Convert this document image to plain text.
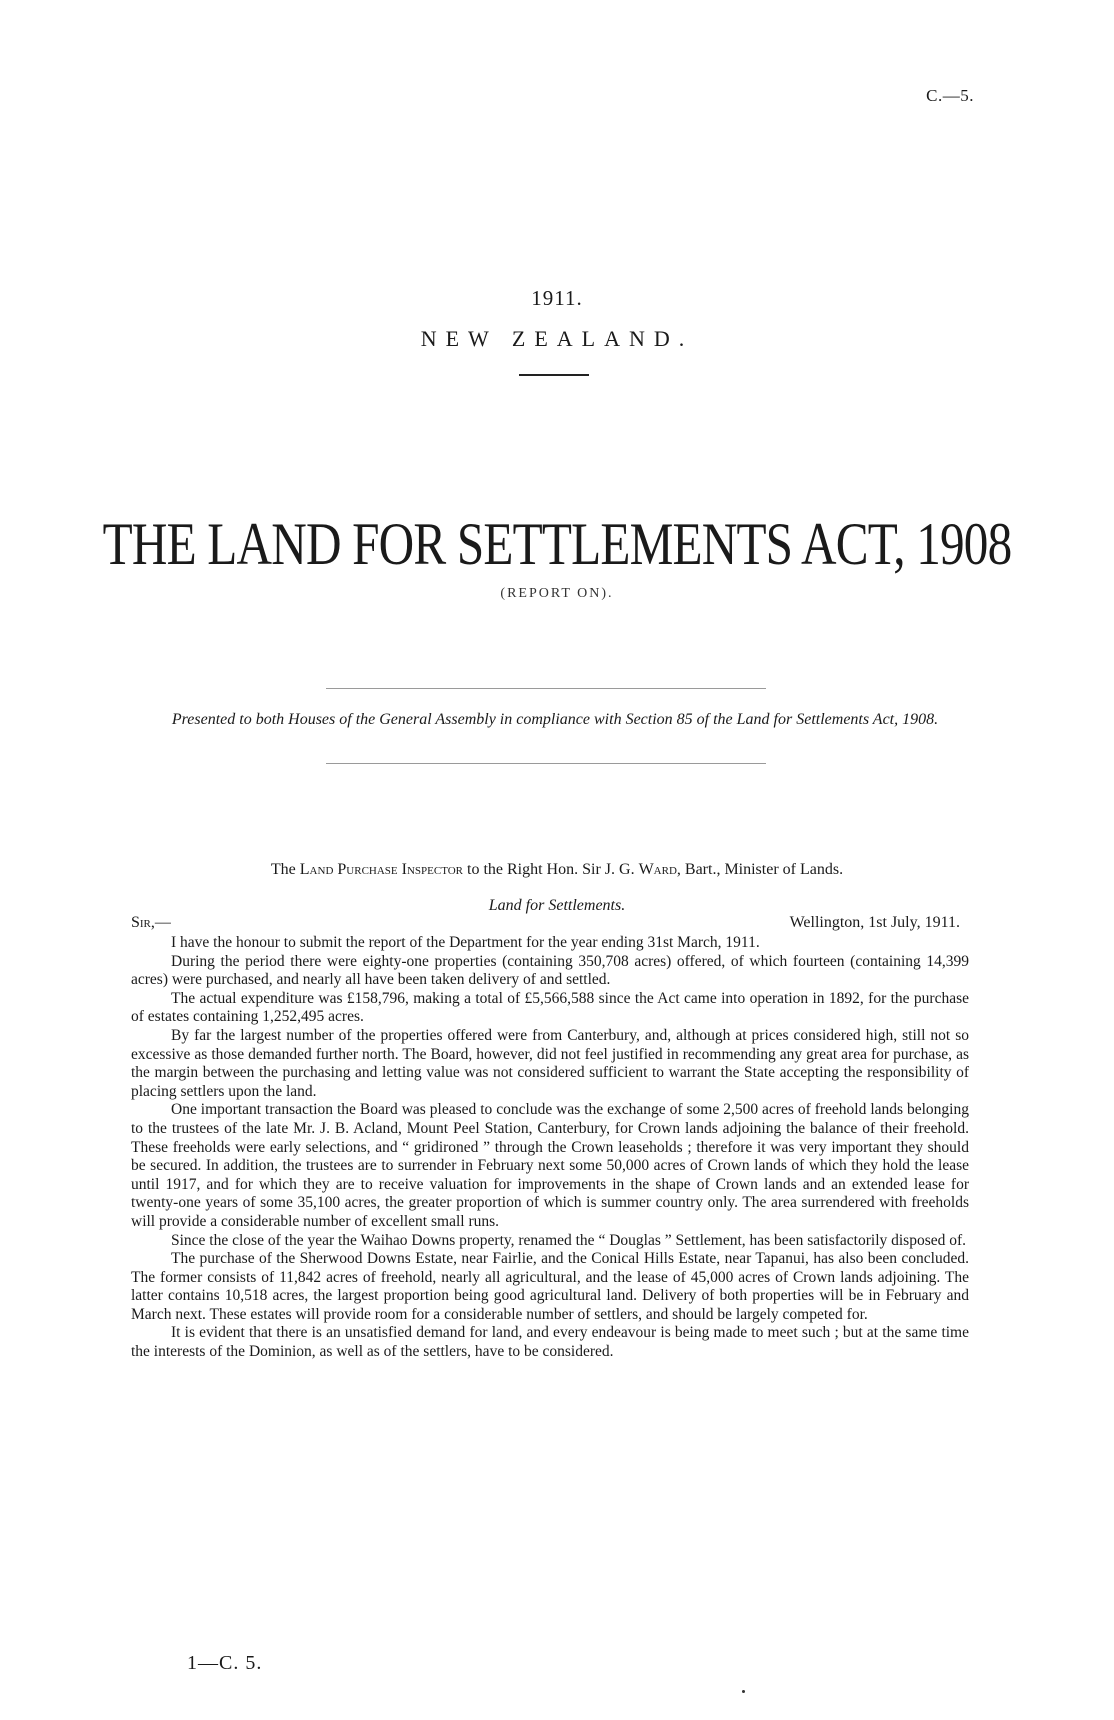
C.—5.
1911.
NEW ZEALAND.
THE LAND FOR SETTLEMENTS ACT, 1908
(REPORT ON).
Presented to both Houses of the General Assembly in compliance with Section 85 of the Land for Settlements Act, 1908.
The Land Purchase Inspector to the Right Hon. Sir J. G. Ward, Bart., Minister of Lands.
Land for Settlements.
Sir,—	Wellington, 1st July, 1911.

I have the honour to submit the report of the Department for the year ending 31st March, 1911.

During the period there were eighty-one properties (containing 350,708 acres) offered, of which fourteen (containing 14,399 acres) were purchased, and nearly all have been taken delivery of and settled.

The actual expenditure was £158,796, making a total of £5,566,588 since the Act came into operation in 1892, for the purchase of estates containing 1,252,495 acres.

By far the largest number of the properties offered were from Canterbury, and, although at prices considered high, still not so excessive as those demanded further north. The Board, however, did not feel justified in recommending any great area for purchase, as the margin between the purchasing and letting value was not considered sufficient to warrant the State accepting the responsibility of placing settlers upon the land.

One important transaction the Board was pleased to conclude was the exchange of some 2,500 acres of freehold lands belonging to the trustees of the late Mr. J. B. Acland, Mount Peel Station, Canterbury, for Crown lands adjoining the balance of their freehold. These freeholds were early selections, and “ gridironed ” through the Crown leaseholds ; therefore it was very important they should be secured. In addition, the trustees are to surrender in February next some 50,000 acres of Crown lands of which they hold the lease until 1917, and for which they are to receive valuation for improvements in the shape of Crown lands and an extended lease for twenty-one years of some 35,100 acres, the greater proportion of which is summer country only. The area surrendered with freeholds will provide a considerable number of excellent small runs.

Since the close of the year the Waihao Downs property, renamed the “ Douglas ” Settlement, has been satisfactorily disposed of.

The purchase of the Sherwood Downs Estate, near Fairlie, and the Conical Hills Estate, near Tapanui, has also been concluded. The former consists of 11,842 acres of freehold, nearly all agricultural, and the lease of 45,000 acres of Crown lands adjoining. The latter contains 10,518 acres, the largest proportion being good agricultural land. Delivery of both properties will be in February and March next. These estates will provide room for a considerable number of settlers, and should be largely competed for.

It is evident that there is an unsatisfied demand for land, and every endeavour is being made to meet such ; but at the same time the interests of the Dominion, as well as of the settlers, have to be considered.

1—C. 5.
